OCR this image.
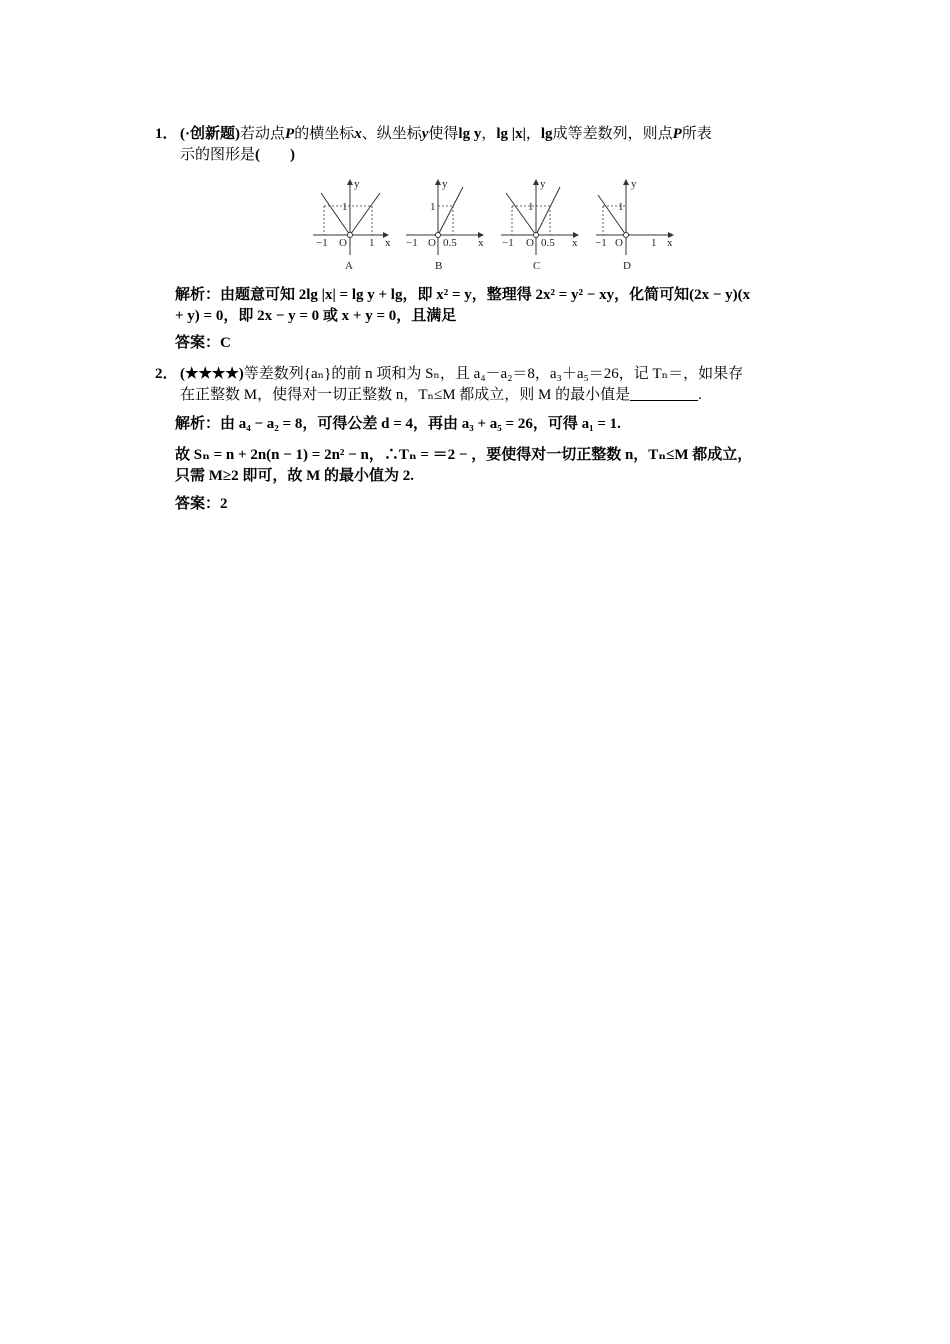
1． (·创新题)若动点P的横坐标x、纵坐标y使得lg y，lg |x|，lg成等差数列，则点P所表
示的图形是(　　)
y
x
O
−1	1
1
A
y
x
O
−1 0.5
1
B
y
x
O
−1 0.5
1
C
y
x
O
−1	1
1
D
解析：由题意可知 2lg |x| = lg y + lg，即 x² = y，整理得 2x² = y² − xy，化简可知(2x − y)(x
+ y) = 0，即 2x − y = 0 或 x + y = 0，且满足
答案：C
2． (★★★★)等差数列{aₙ}的前 n 项和为 Sₙ，且 a₄－a₂＝8，a₃＋a₅＝26，记 Tₙ＝，如果存
在正整数 M，使得对一切正整数 n，Tₙ≤M 都成立，则 M 的最小值是	.
解析：由 a₄ − a₂ = 8，可得公差 d = 4，再由 a₃ + a₅ = 26，可得 a₁ = 1.
故 Sₙ = n + 2n(n − 1) = 2n² − n，∴Tₙ = ＝2 − ，要使得对一切正整数 n，Tₙ≤M 都成立，
只需 M≥2 即可，故 M 的最小值为 2.
答案：2
